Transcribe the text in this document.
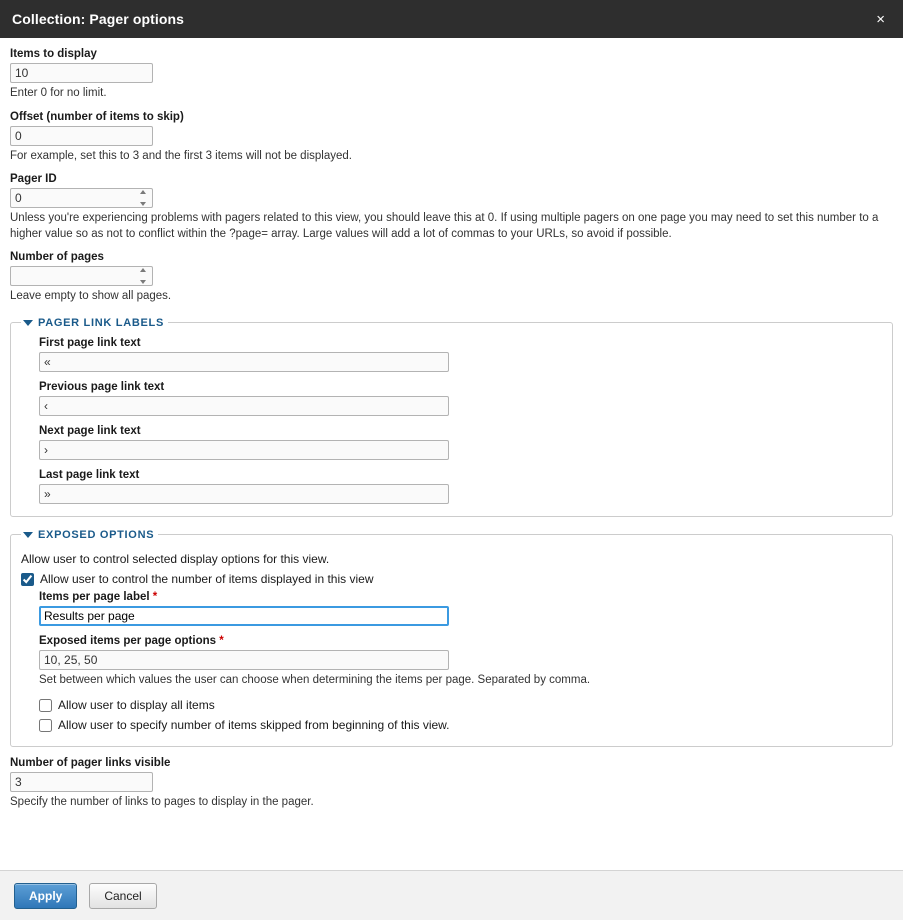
Collection: Pager options	×
Items to display
10
Enter 0 for no limit.
Offset (number of items to skip)
0
For example, set this to 3 and the first 3 items will not be displayed.
Pager ID
0
Unless you're experiencing problems with pagers related to this view, you should leave this at 0. If using multiple pagers on one page you may need to set this number to a higher value so as not to conflict within the ?page= array. Large values will add a lot of commas to your URLs, so avoid if possible.
Number of pages
Leave empty to show all pages.
PAGER LINK LABELS
First page link text
«
Previous page link text
‹
Next page link text
›
Last page link text
»
EXPOSED OPTIONS
Allow user to control selected display options for this view.
Allow user to control the number of items displayed in this view
Items per page label *
Results per page
Exposed items per page options *
10, 25, 50
Set between which values the user can choose when determining the items per page. Separated by comma.
Allow user to display all items
Allow user to specify number of items skipped from beginning of this view.
Number of pager links visible
3
Specify the number of links to pages to display in the pager.
Apply	Cancel
